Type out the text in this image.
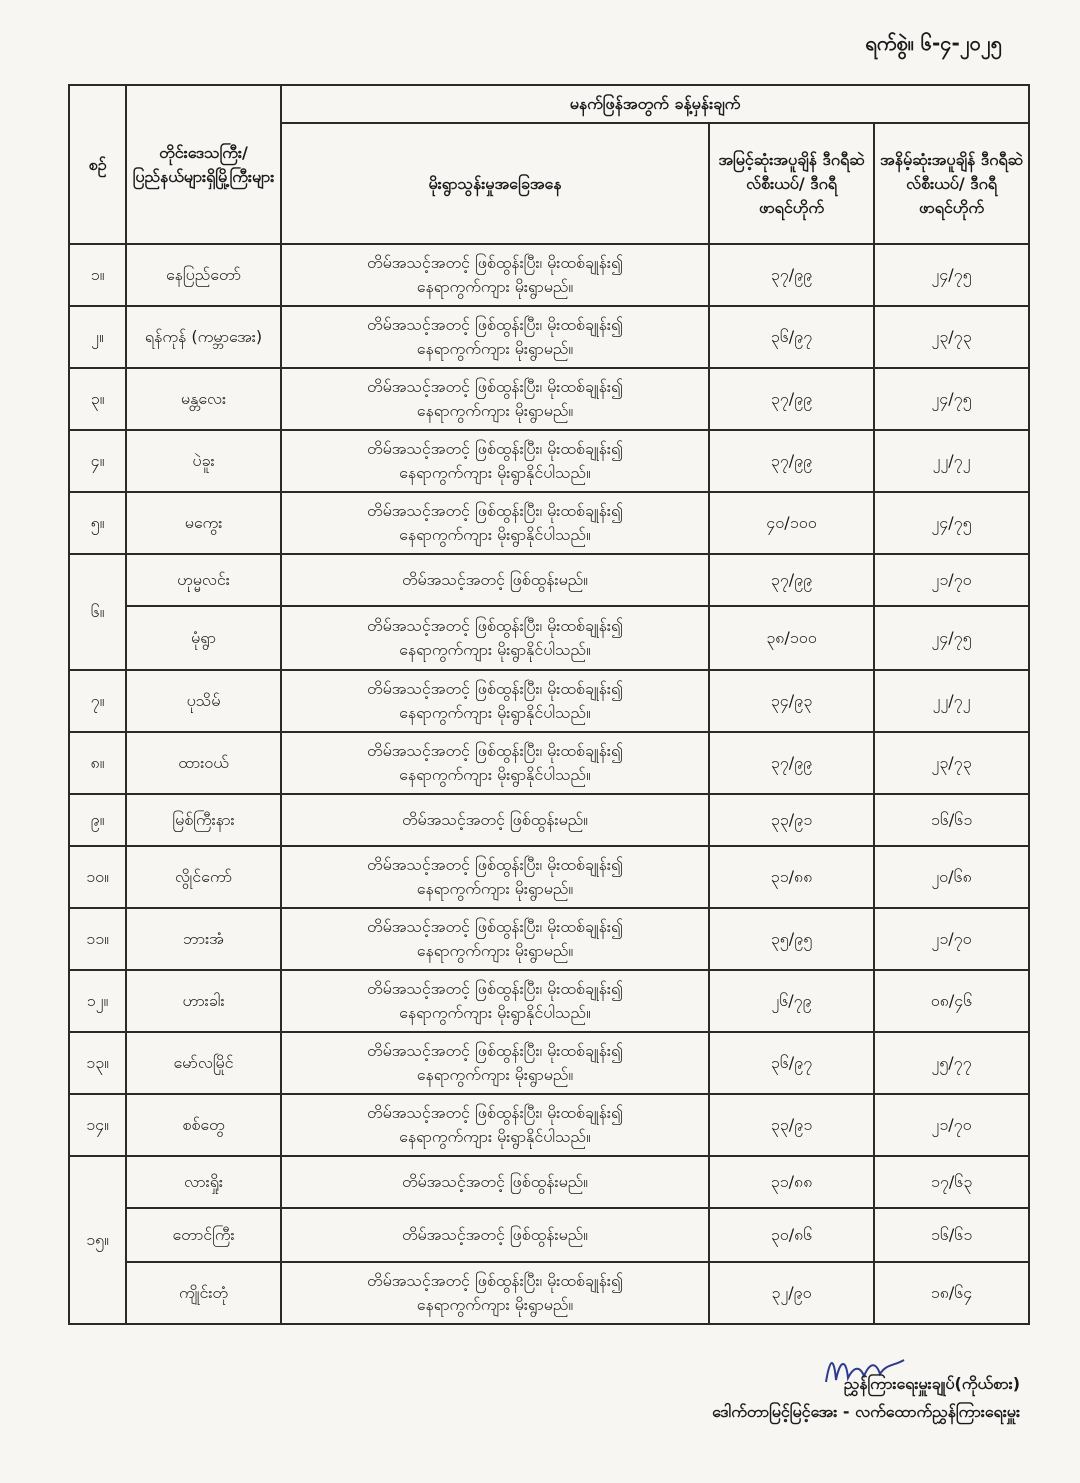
ရက်စွဲ။ ၆-၄-၂၀၂၅
စဉ်	တိုင်းဒေသကြီး/ ပြည်နယ်များရှိမြို့ကြီးများ	မနက်ဖြန်အတွက် ခန့်မှန်းချက်		
		မိုးရွာသွန်းမှုအခြေအနေ	အမြင့်ဆုံးအပူချိန် ဒီဂရီဆဲလ်စီးယပ်/ ဒီဂရီဖာရင်ဟိုက်	အနိမ့်ဆုံးအပူချိန် ဒီဂရီဆဲလ်စီးယပ်/ ဒီဂရီဖာရင်ဟိုက်
၁။	နေပြည်တော်	တိမ်အသင့်အတင့် ဖြစ်ထွန်းပြီး၊ မိုးထစ်ချုန်း၍
နေရာကွက်ကျား မိုးရွာမည်။	၃၇/၉၉	၂၄/၇၅
၂။	ရန်ကုန် (ကမ္ဘာအေး)	တိမ်အသင့်အတင့် ဖြစ်ထွန်းပြီး၊ မိုးထစ်ချုန်း၍
နေရာကွက်ကျား မိုးရွာမည်။	၃၆/၉၇	၂၃/၇၃
၃။	မန္တလေး	တိမ်အသင့်အတင့် ဖြစ်ထွန်းပြီး၊ မိုးထစ်ချုန်း၍
နေရာကွက်ကျား မိုးရွာမည်။	၃၇/၉၉	၂၄/၇၅
၄။	ပဲခူး	တိမ်အသင့်အတင့် ဖြစ်ထွန်းပြီး၊ မိုးထစ်ချုန်း၍
နေရာကွက်ကျား မိုးရွာနိုင်ပါသည်။	၃၇/၉၉	၂၂/၇၂
၅။	မကွေး	တိမ်အသင့်အတင့် ဖြစ်ထွန်းပြီး၊ မိုးထစ်ချုန်း၍
နေရာကွက်ကျား မိုးရွာနိုင်ပါသည်။	၄၀/၁၀၀	၂၄/၇၅
၆။	ဟုမ္မလင်း	တိမ်အသင့်အတင့် ဖြစ်ထွန်းမည်။	၃၇/၉၉	၂၁/၇၀
	မုံရွာ	တိမ်အသင့်အတင့် ဖြစ်ထွန်းပြီး၊ မိုးထစ်ချုန်း၍
နေရာကွက်ကျား မိုးရွာနိုင်ပါသည်။	၃၈/၁၀၀	၂၄/၇၅
၇။	ပုသိမ်	တိမ်အသင့်အတင့် ဖြစ်ထွန်းပြီး၊ မိုးထစ်ချုန်း၍
နေရာကွက်ကျား မိုးရွာနိုင်ပါသည်။	၃၄/၉၃	၂၂/၇၂
၈။	ထားဝယ်	တိမ်အသင့်အတင့် ဖြစ်ထွန်းပြီး၊ မိုးထစ်ချုန်း၍
နေရာကွက်ကျား မိုးရွာနိုင်ပါသည်။	၃၇/၉၉	၂၃/၇၃
၉။	မြစ်ကြီးနား	တိမ်အသင့်အတင့် ဖြစ်ထွန်းမည်။	၃၃/၉၁	၁၆/၆၁
၁၀။	လွိုင်ကော်	တိမ်အသင့်အတင့် ဖြစ်ထွန်းပြီး၊ မိုးထစ်ချုန်း၍
နေရာကွက်ကျား မိုးရွာမည်။	၃၁/၈၈	၂၀/၆၈
၁၁။	ဘားအံ	တိမ်အသင့်အတင့် ဖြစ်ထွန်းပြီး၊ မိုးထစ်ချုန်း၍
နေရာကွက်ကျား မိုးရွာမည်။	၃၅/၉၅	၂၁/၇၀
၁၂။	ဟားခါး	တိမ်အသင့်အတင့် ဖြစ်ထွန်းပြီး၊ မိုးထစ်ချုန်း၍
နေရာကွက်ကျား မိုးရွာနိုင်ပါသည်။	၂၆/၇၉	၀၈/၄၆
၁၃။	မော်လမြိုင်	တိမ်အသင့်အတင့် ဖြစ်ထွန်းပြီး၊ မိုးထစ်ချုန်း၍
နေရာကွက်ကျား မိုးရွာမည်။	၃၆/၉၇	၂၅/၇၇
၁၄။	စစ်တွေ	တိမ်အသင့်အတင့် ဖြစ်ထွန်းပြီး၊ မိုးထစ်ချုန်း၍
နေရာကွက်ကျား မိုးရွာနိုင်ပါသည်။	၃၃/၉၁	၂၁/၇၀
၁၅။	လားရှိုး	တိမ်အသင့်အတင့် ဖြစ်ထွန်းမည်။	၃၁/၈၈	၁၇/၆၃
	တောင်ကြီး	တိမ်အသင့်အတင့် ဖြစ်ထွန်းမည်။	၃၀/၈၆	၁၆/၆၁
	ကျိုင်းတုံ	တိမ်အသင့်အတင့် ဖြစ်ထွန်းပြီး၊ မိုးထစ်ချုန်း၍
နေရာကွက်ကျား မိုးရွာမည်။	၃၂/၉၀	၁၈/၆၄
ညွှန်ကြားရေးမှူးချုပ်(ကိုယ်စား)
ဒေါက်တာမြင့်မြင့်အေး - လက်ထောက်ညွှန်ကြားရေးမှူး
